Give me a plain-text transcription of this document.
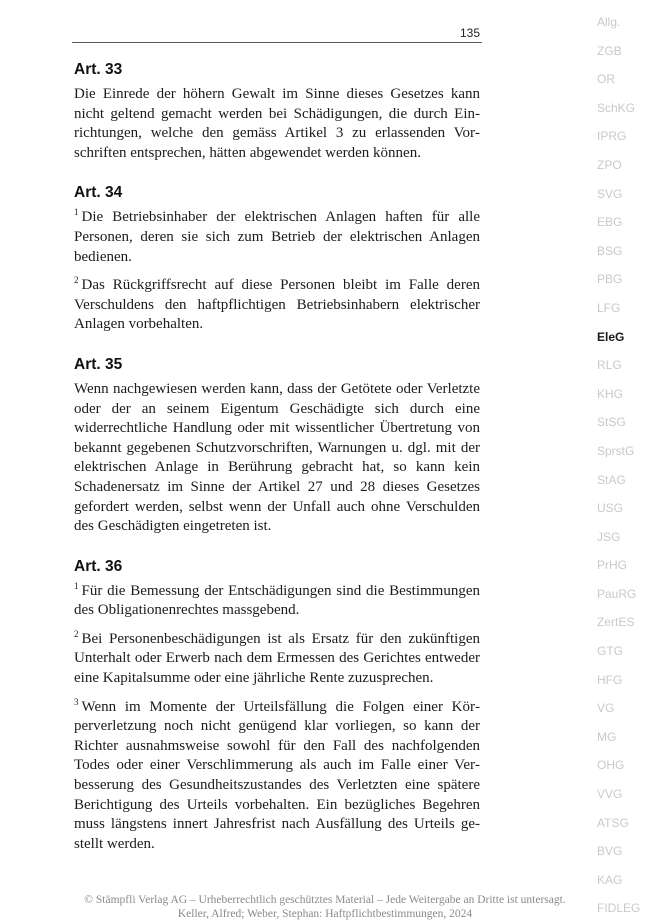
135
Art. 33

Die Einrede der höhern Gewalt im Sinne dieses Gesetzes kann nicht geltend gemacht werden bei Schädigungen, die durch Einrichtungen, welche den gemäss Artikel 3 zu erlassenden Vorschriften entsprechen, hätten abgewendet werden können.

Art. 34

$^1$ Die Betriebsinhaber der elektrischen Anlagen haften für alle Personen, deren sie sich zum Betrieb der elektrischen Anlagen bedienen.

$^2$ Das Rückgriffsrecht auf diese Personen bleibt im Falle deren Verschuldens den haftpflichtigen Betriebsinhabern elektrischer Anlagen vorbehalten.

Art. 35

Wenn nachgewiesen werden kann, dass der Getötete oder Verletzte oder der an seinem Eigentum Geschädigte sich durch eine widerrechtliche Handlung oder mit wissentlicher Übertretung von bekannt gegebenen Schutzvorschriften, Warnungen u. dgl. mit der elektrischen Anlage in Berührung gebracht hat, so kann kein Schadenersatz im Sinne der Artikel 27 und 28 dieses Gesetzes gefordert werden, selbst wenn der Unfall auch ohne Verschulden des Geschädigten eingetreten ist.

Art. 36

$^1$ Für die Bemessung der Entschädigungen sind die Bestimmungen des Obligationenrechtes massgebend.

$^2$ Bei Personenbeschädigungen ist als Ersatz für den zukünftigen Unterhalt oder Erwerb nach dem Ermessen des Gerichtes entweder eine Kapitalsumme oder eine jährliche Rente zuzusprechen.

$^3$ Wenn im Momente der Urteilsfällung die Folgen einer Körperverletzung noch nicht genügend klar vorliegen, so kann der Richter ausnahmsweise sowohl für den Fall des nachfolgenden Todes oder einer Verschlimmerung als auch im Falle einer Verbesserung des Gesundheitszustandes des Verletzten eine spätere Berichtigung des Urteils vorbehalten. Ein bezügliches Begehren muss längstens innert Jahresfrist nach Ausfällung des Urteils gestellt werden.

Allg.
ZGB
OR
SchKG
IPRG
ZPO
SVG
EBG
BSG
PBG
LFG
EleG
RLG
KHG
StSG
SprstG
StAG
USG
JSG
PrHG
PauRG
ZertES
GTG
HFG
VG
MG
OHG
VVG
ATSG
BVG
KAG
FIDLEG
© Stämpfli Verlag AG – Urheberrechtlich geschütztes Material – Jede Weitergabe an Dritte ist untersagt.
Keller, Alfred; Weber, Stephan: Haftpflichtbestimmungen, 2024
